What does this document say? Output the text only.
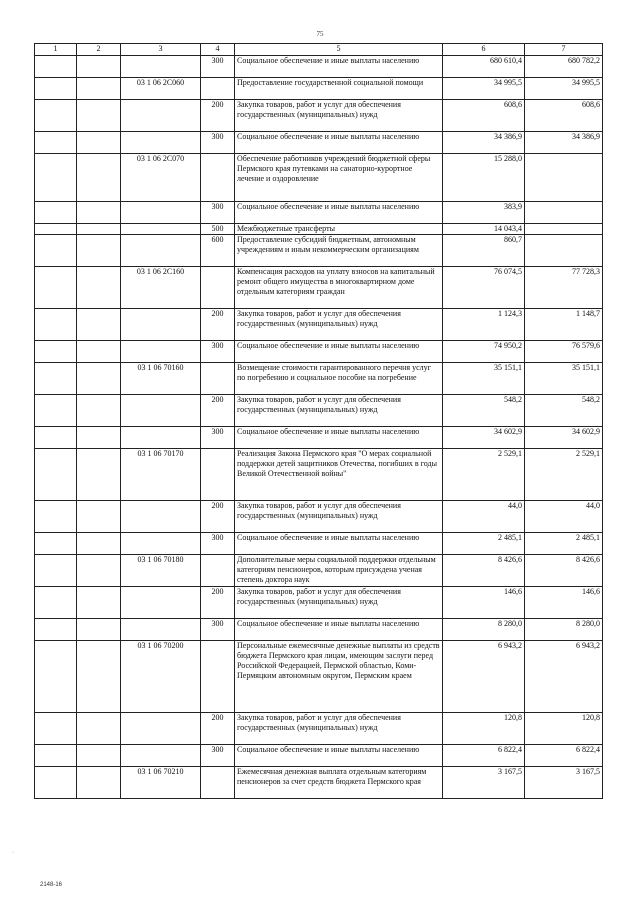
75
1	2	3	4	5	6	7
			300	Социальное обеспечение и иные выплаты населению	680 610,4	680 782,2
		03 1 06 2С060		Предоставление государственной социальной помощи	34 995,5	34 995,5
			200	Закупка товаров, работ и услуг для обеспечения государственных (муниципальных) нужд	608,6	608,6
			300	Социальное обеспечение и иные выплаты населению	34 386,9	34 386,9
		03 1 06 2С070		Обеспечение работников учреждений бюджетной сферы Пермского края путевками на санаторно-курортное лечение и оздоровление	15 288,0	
			300	Социальное обеспечение и иные выплаты населению	383,9	
			500	Межбюджетные трансферты	14 043,4	
			600	Предоставление субсидий бюджетным, автономным учреждениям и иным некоммерческим организациям	860,7	
		03 1 06 2С160		Компенсация расходов на уплату взносов на капитальный ремонт общего имущества в многоквартирном доме отдельным категориям граждан	76 074,5	77 728,3
			200	Закупка товаров, работ и услуг для обеспечения государственных (муниципальных) нужд	1 124,3	1 148,7
			300	Социальное обеспечение и иные выплаты населению	74 950,2	76 579,6
		03 1 06 70160		Возмещение стоимости гарантированного перечня услуг по погребению и социальное пособие на погребение	35 151,1	35 151,1
			200	Закупка товаров, работ и услуг для обеспечения государственных (муниципальных) нужд	548,2	548,2
			300	Социальное обеспечение и иные выплаты населению	34 602,9	34 602,9
		03 1 06 70170		Реализация Закона Пермского края "О мерах социальной поддержки детей защитников Отечества, погибших в годы Великой Отечественной войны"	2 529,1	2 529,1
			200	Закупка товаров, работ и услуг для обеспечения государственных (муниципальных) нужд	44,0	44,0
			300	Социальное обеспечение и иные выплаты населению	2 485,1	2 485,1
		03 1 06 70180		Дополнительные меры социальной поддержки отдельным категориям пенсионеров, которым присуждена ученая степень доктора наук	8 426,6	8 426,6
			200	Закупка товаров, работ и услуг для обеспечения государственных (муниципальных) нужд	146,6	146,6
			300	Социальное обеспечение и иные выплаты населению	8 280,0	8 280,0
		03 1 06 70200		Персональные ежемесячные денежные выплаты из средств бюджета Пермского края лицам, имеющим заслуги перед Российской Федерацией, Пермской областью, Коми-Пермяцким автономным округом, Пермским краем	6 943,2	6 943,2
			200	Закупка товаров, работ и услуг для обеспечения государственных (муниципальных) нужд	120,8	120,8
			300	Социальное обеспечение и иные выплаты населению	6 822,4	6 822,4
		03 1 06 70210		Ежемесячная денежная выплата отдельным категориям пенсионеров за счет средств бюджета Пермского края	3 167,5	3 167,5
·
2148-16
